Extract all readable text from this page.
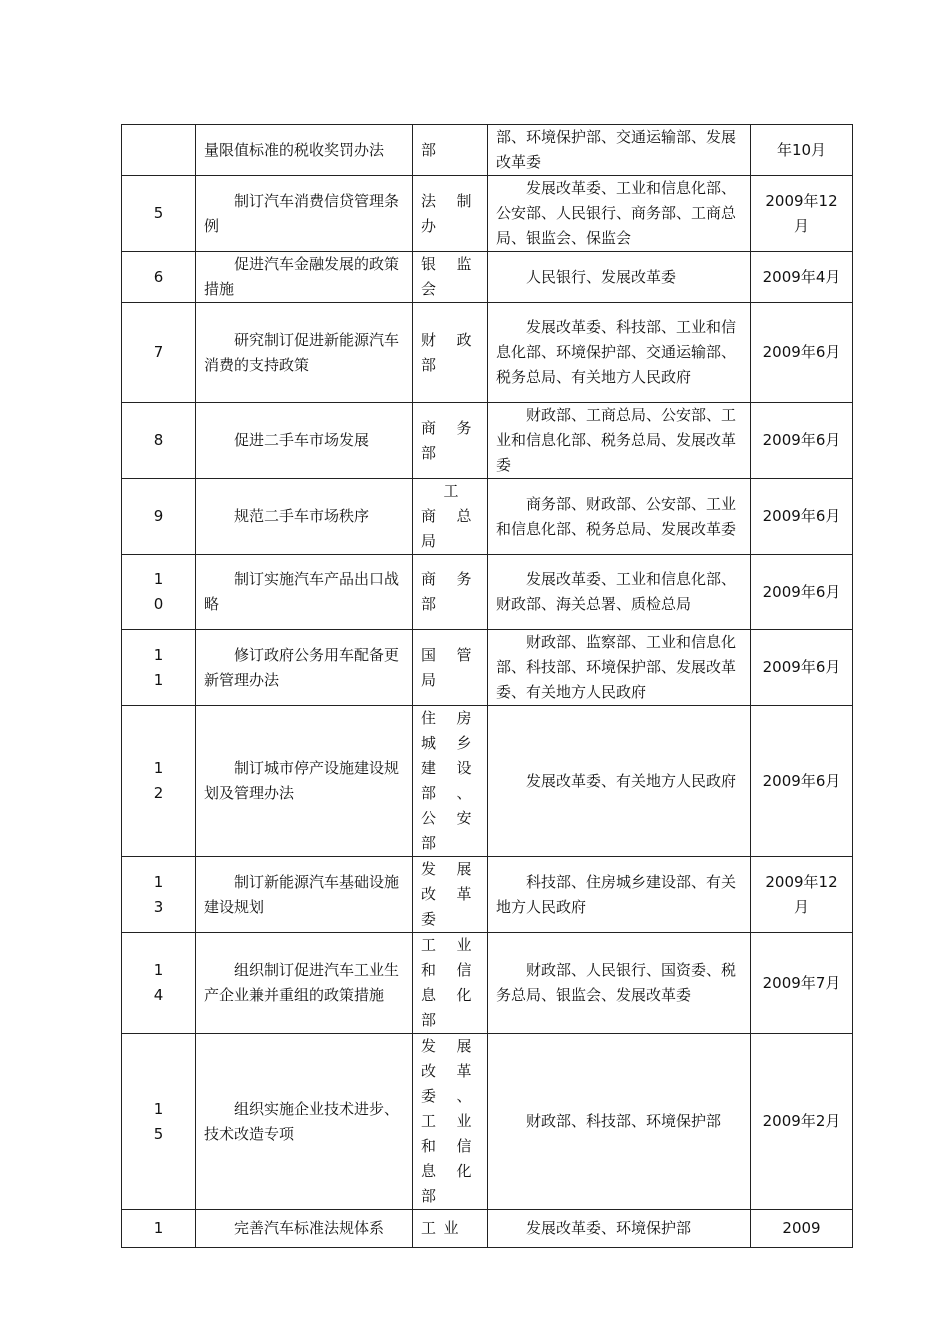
	量限值标准的税收奖罚办法	部	部、环境保护部、交通运输部、发展改革委	年10月

5	制订汽车消费信贷管理条例	法制办	发展改革委、工业和信息化部、公安部、人民银行、商务部、工商总局、银监会、保监会	2009年12月

6	促进汽车金融发展的政策措施	银监会	人民银行、发展改革委	2009年4月

7	研究制订促进新能源汽车消费的支持政策	财政部	发展改革委、科技部、工业和信息化部、环境保护部、交通运输部、税务总局、有关地方人民政府	2009年6月

8	促进二手车市场发展	商务部	财政部、工商总局、公安部、工业和信息化部、税务总局、发展改革委	2009年6月

9	规范二手车市场秩序	工商总局	商务部、财政部、公安部、工业和信息化部、税务总局、发展改革委	2009年6月

10	制订实施汽车产品出口战略	商务部	发展改革委、工业和信息化部、财政部、海关总署、质检总局	2009年6月

11	修订政府公务用车配备更新管理办法	国管局	财政部、监察部、工业和信息化部、科技部、环境保护部、发展改革委、有关地方人民政府	2009年6月

12	制订城市停产设施建设规划及管理办法	住房城乡建设部、公安部	发展改革委、有关地方人民政府	2009年6月

13	制订新能源汽车基础设施建设规划	发展改革委	科技部、住房城乡建设部、有关地方人民政府	2009年12月

14	组织制订促进汽车工业生产企业兼并重组的政策措施	工业和信息化部	财政部、人民银行、国资委、税务总局、银监会、发展改革委	2009年7月

15	组织实施企业技术进步、技术改造专项	发展改革委、工业和信息化部	财政部、科技部、环境保护部	2009年2月

1	完善汽车标准法规体系	工业	发展改革委、环境保护部	2009
